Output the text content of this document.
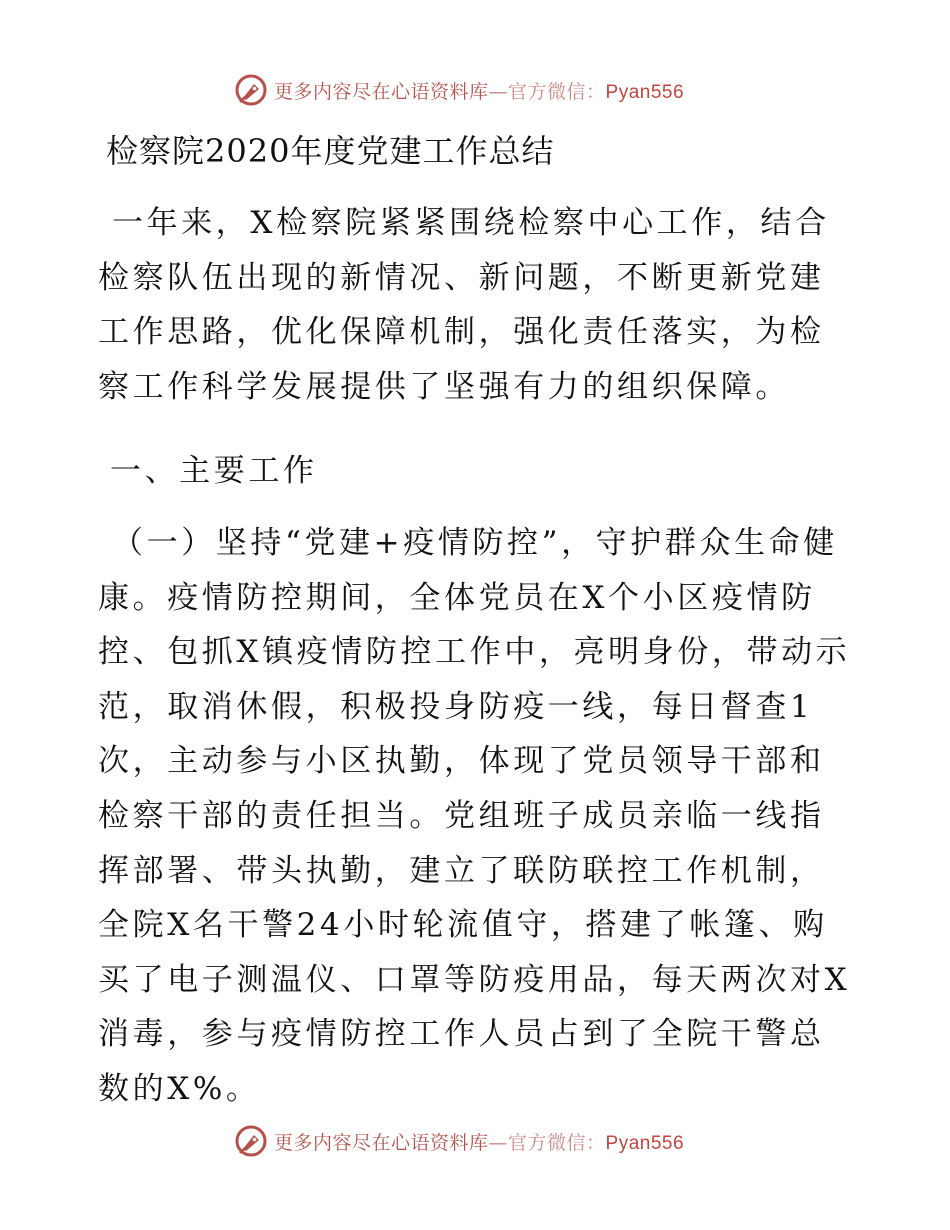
更多内容尽在心语资料库—官方微信：Pyan556
检察院2020年度党建工作总结

一年来，X检察院紧紧围绕检察中心工作，结合检察队伍出现的新情况、新问题，不断更新党建工作思路，优化保障机制，强化责任落实，为检察工作科学发展提供了坚强有力的组织保障。

一、主要工作

（一）坚持“党建+疫情防控”，守护群众生命健康。疫情防控期间，全体党员在X个小区疫情防控、包抓X镇疫情防控工作中，亮明身份，带动示范，取消休假，积极投身防疫一线，每日督查1次，主动参与小区执勤，体现了党员领导干部和检察干部的责任担当。党组班子成员亲临一线指挥部署、带头执勤，建立了联防联控工作机制，全院X名干警24小时轮流值守，搭建了帐篷、购买了电子测温仪、口罩等防疫用品，每天两次对X消毒，参与疫情防控工作人员占到了全院干警总数的X%。

更多内容尽在心语资料库—官方微信：Pyan556
